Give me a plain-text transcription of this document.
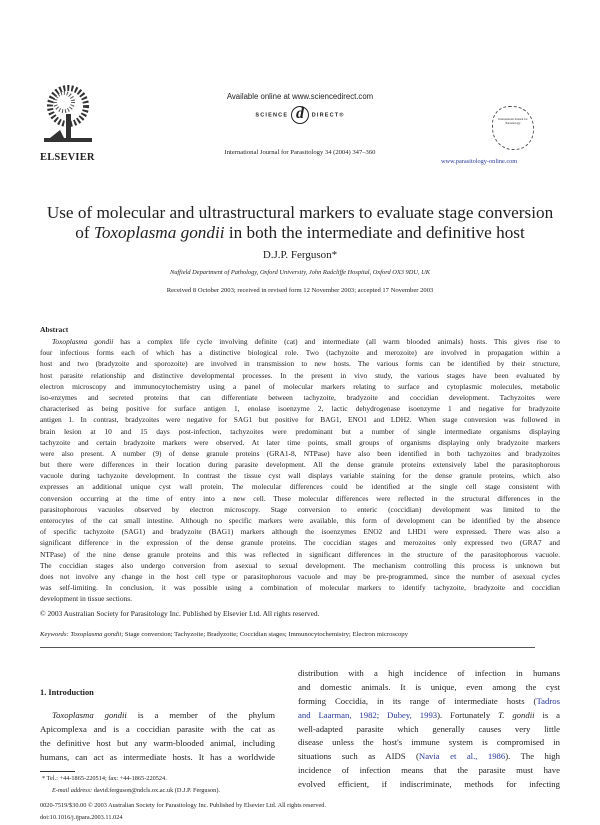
ELSEVIER
Available online at www.sciencedirect.com
SCIENCE d DIRECT®
International Journal for Parasitology 34 (2004) 347–360
International Journal for Parasitology
www.parasitology-online.com
Use of molecular and ultrastructural markers to evaluate stage conversion
of Toxoplasma gondii in both the intermediate and definitive host
D.J.P. Ferguson*
Nuffield Department of Pathology, Oxford University, John Radcliffe Hospital, Oxford OX3 9DU, UK
Received 8 October 2003; received in revised form 12 November 2003; accepted 17 November 2003
Abstract
Toxoplasma gondii has a complex life cycle involving definite (cat) and intermediate (all warm blooded animals) hosts. This gives rise to
four infectious forms each of which has a distinctive biological role. Two (tachyzoite and merozoite) are involved in propagation within a
host and two (bradyzoite and sporozoite) are involved in transmission to new hosts. The various forms can be identified by their structure,
host parasite relationship and distinctive developmental processes. In the present in vivo study, the various stages have been evaluated by
electron microscopy and immunocytochemistry using a panel of molecular markers relating to surface and cytoplasmic molecules, metabolic
iso-enzymes and secreted proteins that can differentiate between tachyzoite, bradyzoite and coccidian development. Tachyzoites were
characterised as being positive for surface antigen 1, enolase isoenzyme 2, lactic dehydrogenase isoenzyme 1 and negative for bradyzoite
antigen 1. In contrast, bradyzoites were negative for SAG1 but positive for BAG1, ENO1 and LDH2. When stage conversion was followed in
brain lesion at 10 and 15 days post-infection, tachyzoites were predominant but a number of single intermediate organisms displaying
tachyzoite and certain bradyzoite markers were observed. At later time points, small groups of organisms displaying only bradyzoite markers
were also present. A number (9) of dense granule proteins (GRA1-8, NTPase) have also been identified in both tachyzoites and bradyzoites
but there were differences in their location during parasite development. All the dense granule proteins extensively label the parasitophorous
vacuole during tachyzoite development. In contrast the tissue cyst wall displays variable staining for the dense granule proteins, which also
expresses an additional unique cyst wall protein. The molecular differences could be identified at the single cell stage consistent with
conversion occurring at the time of entry into a new cell. These molecular differences were reflected in the structural differences in the
parasitophorous vacuoles observed by electron microscopy. Stage conversion to enteric (coccidian) development was limited to the
enterocytes of the cat small intestine. Although no specific markers were available, this form of development can be identified by the absence
of specific tachyzoite (SAG1) and bradyzoite (BAG1) markers although the isoenzymes ENO2 and LHD1 were expressed. There was also a
significant difference in the expression of the dense granule proteins. The coccidian stages and merozoites only expressed two (GRA7 and
NTPase) of the nine dense granule proteins and this was reflected in significant differences in the structure of the parasitophorous vacuole.
The coccidian stages also undergo conversion from asexual to sexual development. The mechanism controlling this process is unknown but
does not involve any change in the host cell type or parasitophorous vacuole and may be pre-programmed, since the number of asexual cycles
was self-limiting. In conclusion, it was possible using a combination of molecular markers to identify tachyzoite, bradyzoite and coccidian
development in tissue sections.
© 2003 Australian Society for Parasitology Inc. Published by Elsevier Ltd. All rights reserved.
Keywords: Toxoplasma gondii; Stage conversion; Tachyzoite; Bradyzoite; Coccidian stages; Immunocytochemistry; Electron microscopy
1. Introduction
Toxoplasma gondii is a member of the phylum
Apicomplexa and is a coccidian parasite with the cat as
the definitive host but any warm-blooded animal, including
humans, can act as intermediate hosts. It has a worldwide
distribution with a high incidence of infection in humans
and domestic animals. It is unique, even among the cyst
forming Coccidia, in its range of intermediate hosts (Tadros
and Laarman, 1982; Dubey, 1993). Fortunately T. gondii is a
well-adapted parasite which generally causes very little
disease unless the host's immune system is compromised in
situations such as AIDS (Navia et al., 1986). The high
incidence of infection means that the parasite must have
evolved efficient, if indiscriminate, methods for infecting
* Tel.: +44-1865-220514; fax: +44-1865-220524.
E-mail address: david.ferguson@ndcls.ox.ac.uk (D.J.P. Ferguson).
0020-7519/$30.00 © 2003 Australian Society for Parasitology Inc. Published by Elsevier Ltd. All rights reserved.
doi:10.1016/j.ijpara.2003.11.024
